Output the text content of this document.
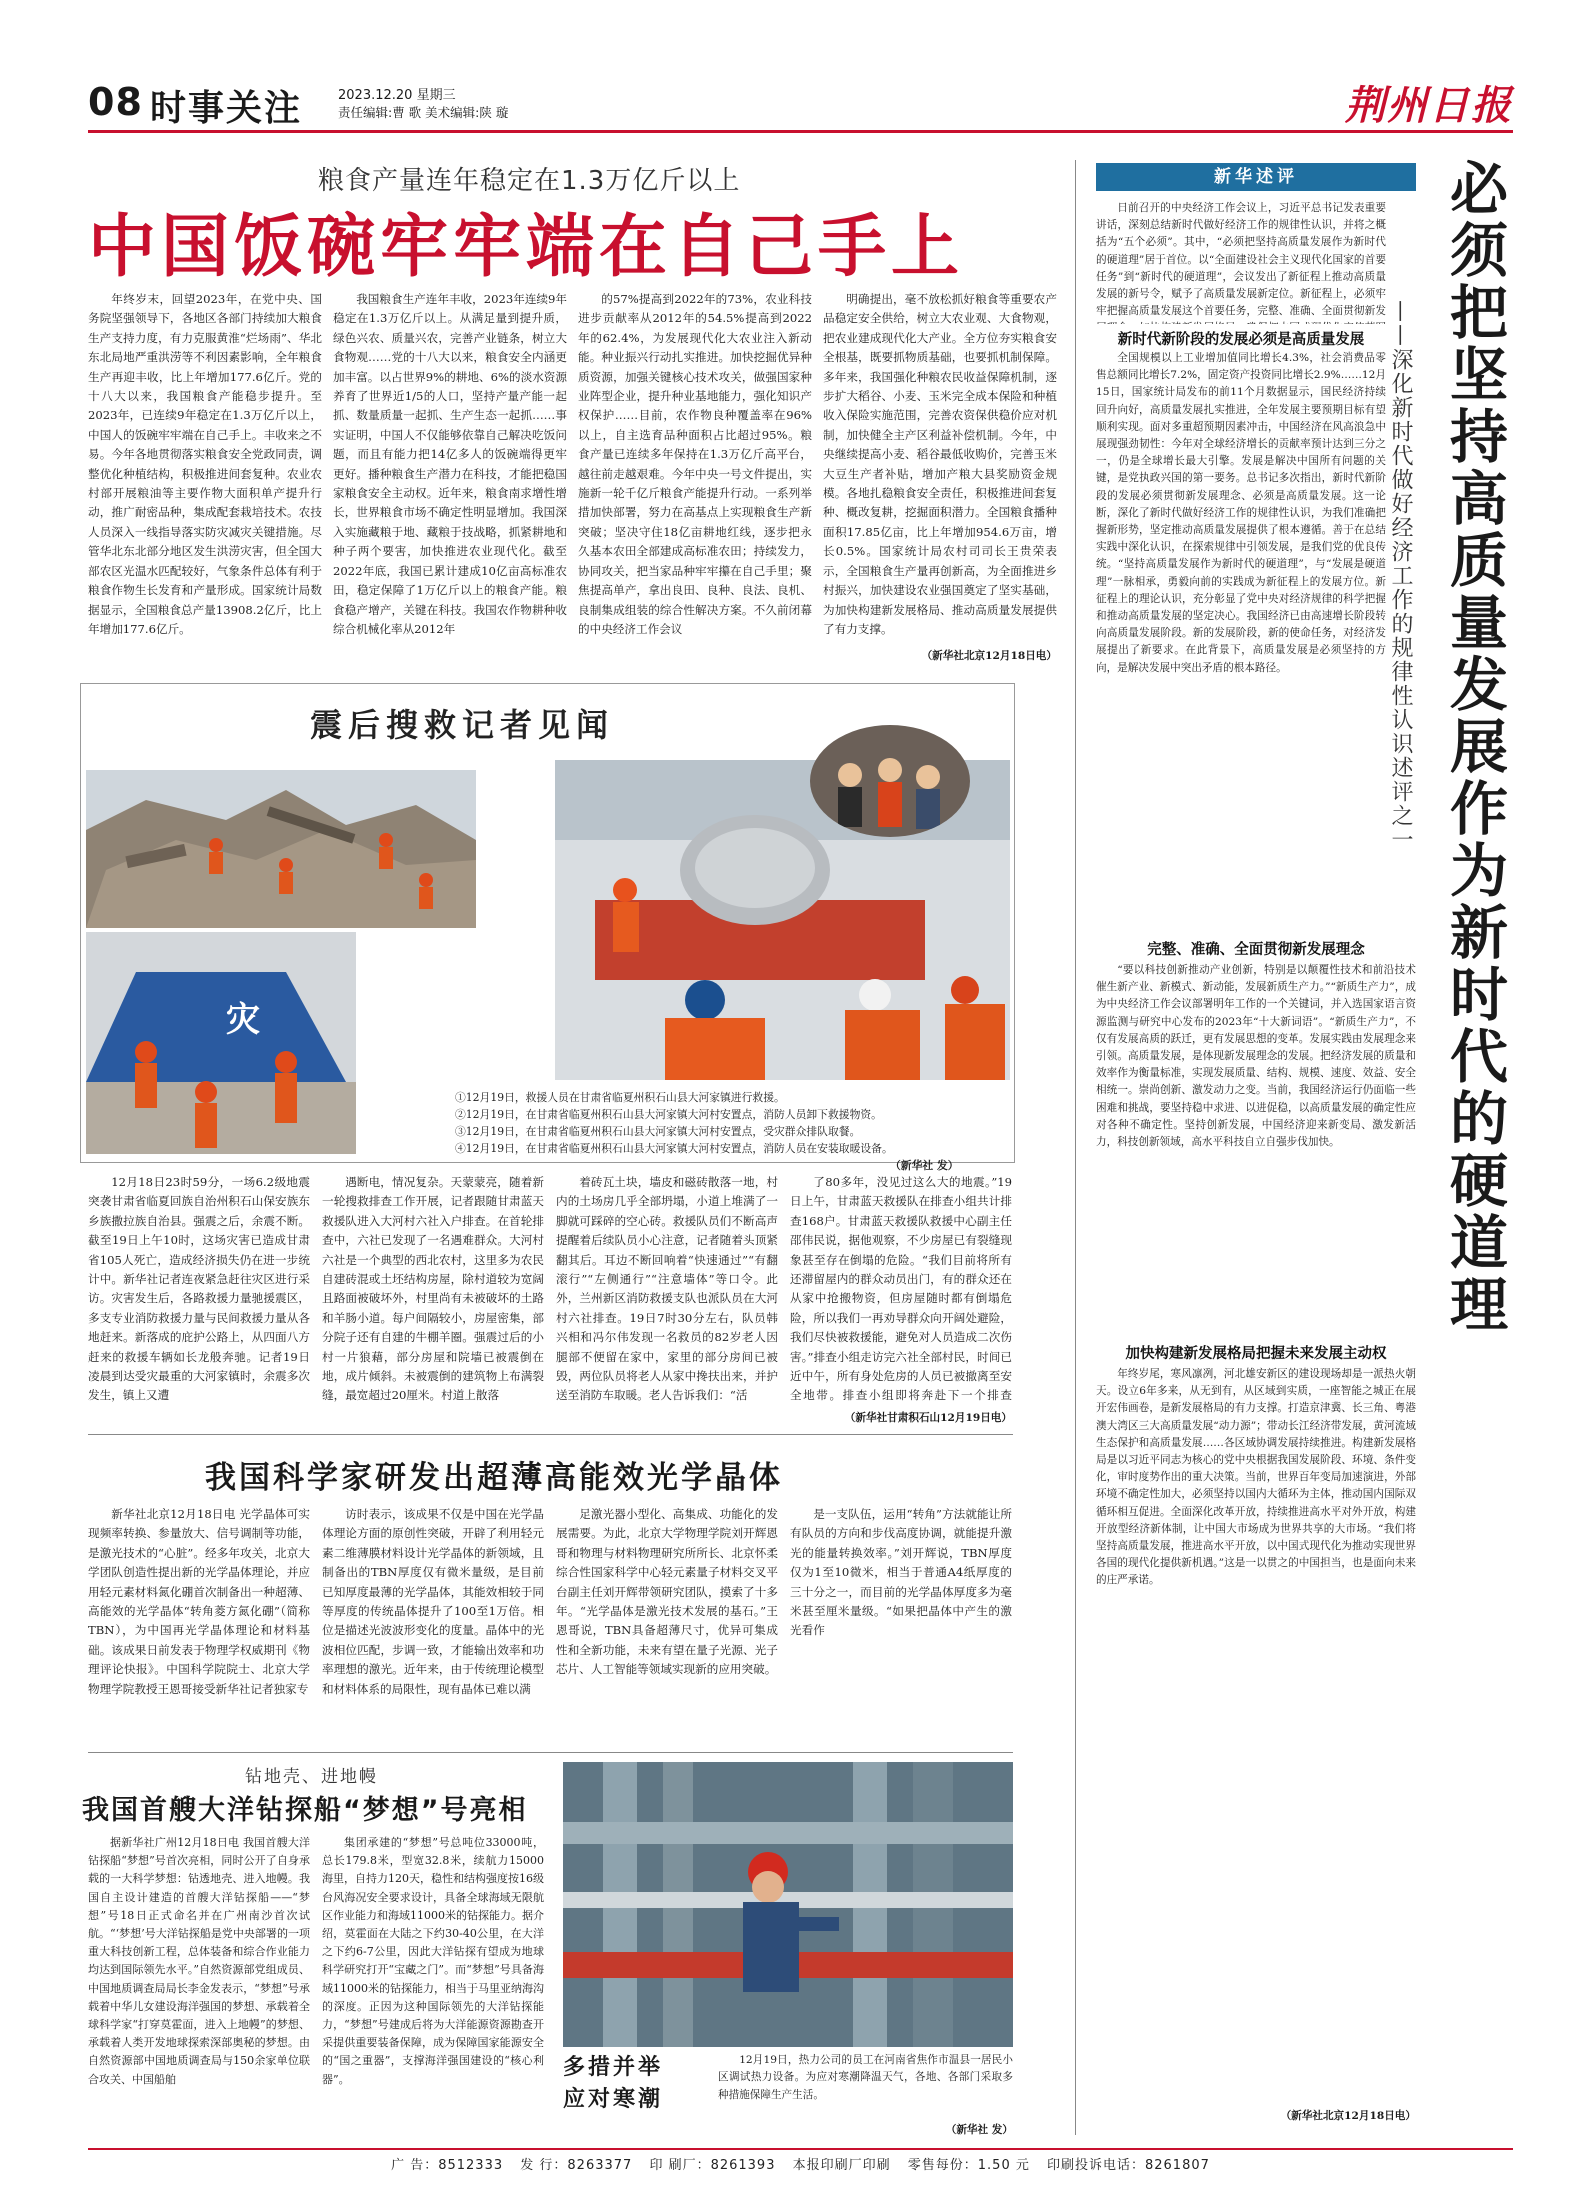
08 时事关注	2023.12.20 星期三
责任编辑:曹 歌 美术编辑:陕 璇	荆州日报
粮食产量连年稳定在1.3万亿斤以上
中国饭碗牢牢端在自己手上
年终岁末，回望2023年，在党中央、国务院坚强领导下，各地区各部门持续加大粮食生产支持力度，有力克服黄淮“烂场雨”、华北东北局地严重洪涝等不利因素影响，全年粮食生产再迎丰收，比上年增加177.6亿斤。党的十八大以来，我国粮食产能稳步提升。至2023年，已连续9年稳定在1.3万亿斤以上，中国人的饭碗牢牢端在自己手上。丰收来之不易。今年各地贯彻落实粮食安全党政同责，调整优化种植结构，积极推进间套复种。农业农村部开展粮油等主要作物大面积单产提升行动，推广耐密品种，集成配套栽培技术。农技人员深入一线指导落实防灾减灾关键措施。尽管华北东北部分地区发生洪涝灾害，但全国大部农区光温水匹配较好，气象条件总体有利于粮食作物生长发育和产量形成。国家统计局数据显示，全国粮食总产量13908.2亿斤，比上年增加177.6亿斤。
我国粮食生产连年丰收，2023年连续9年稳定在1.3万亿斤以上。从满足量到提升质，绿色兴农、质量兴农，完善产业链条，树立大食物观……党的十八大以来，粮食安全内涵更加丰富。以占世界9%的耕地、6%的淡水资源养育了世界近1/5的人口，坚持产量产能一起抓、数量质量一起抓、生产生态一起抓……事实证明，中国人不仅能够依靠自己解决吃饭问题，而且有能力把14亿多人的饭碗端得更牢更好。播种粮食生产潜力在科技，才能把稳国家粮食安全主动权。近年来，粮食南求增性增长，世界粮食市场不确定性明显增加。我国深入实施藏粮于地、藏粮于技战略，抓紧耕地和种子两个要害，加快推进农业现代化。截至2022年底，我国已累计建成10亿亩高标准农田，稳定保障了1万亿斤以上的粮食产能。粮食稳产增产，关键在科技。我国农作物耕种收综合机械化率从2012年
的57%提高到2022年的73%，农业科技进步贡献率从2012年的54.5%提高到2022年的62.4%，为发展现代化大农业注入新动能。种业振兴行动扎实推进。加快挖掘优异种质资源，加强关键核心技术攻关，做强国家种业阵型企业，提升种业基地能力，强化知识产权保护……目前，农作物良种覆盖率在96%以上，自主选育品种面积占比超过95%。粮食产量已连续多年保持在1.3万亿斤高平台，越往前走越艰难。今年中央一号文件提出，实施新一轮千亿斤粮食产能提升行动。一系列举措加快部署，努力在高基点上实现粮食生产新突破；坚决守住18亿亩耕地红线，逐步把永久基本农田全部建成高标准农田；持续发力，协同攻关，把当家品种牢牢攥在自己手里；聚焦提高单产，拿出良田、良种、良法、良机、良制集成组装的综合性解决方案。不久前闭幕的中央经济工作会议
明确提出，毫不放松抓好粮食等重要农产品稳定安全供给，树立大农业观、大食物观，把农业建成现代化大产业。全方位夯实粮食安全根基，既要抓物质基础，也要抓机制保障。多年来，我国强化种粮农民收益保障机制，逐步扩大稻谷、小麦、玉米完全成本保险和种植收入保险实施范围，完善农资保供稳价应对机制，加快健全主产区利益补偿机制。今年，中央继续提高小麦、稻谷最低收购价，完善玉米大豆生产者补贴，增加产粮大县奖励资金规模。各地扎稳粮食安全责任，积极推进间套复种、概改复耕，挖掘面积潜力。全国粮食播种面积17.85亿亩，比上年增加954.6万亩，增长0.5%。国家统计局农村司司长王贵荣表示，全国粮食生产量再创新高，为全面推进乡村振兴，加快建设农业强国奠定了坚实基础，为加快构建新发展格局、推动高质量发展提供了有力支撑。
（新华社北京12月18日电）
新华述评	必须把坚持高质量发展作为新时代的硬道理
——深化新时代做好经济工作的规律性认识述评之一
日前召开的中央经济工作会议上，习近平总书记发表重要讲话，深刻总结新时代做好经济工作的规律性认识，并将之概括为“五个必须”。其中，“必须把坚持高质量发展作为新时代的硬道理”居于首位。以“全面建设社会主义现代化国家的首要任务”到“新时代的硬道理”，会议发出了新征程上推动高质量发展的新号令，赋予了高质量发展新定位。新征程上，必须牢牢把握高质量发展这个首要任务，完整、准确、全面贯彻新发
新时代新阶段的发展必须是高质量发展
全国规模以上工业增加值同比增长4.3%，社会消费品零售总额同比增长7.2%，固定资产投资同比增长2.9%……12月15日，国家统计局发布的前11个月数据显示，国民经济持续回升向好，高质量发展扎实推进，全年发展主要预期目标有望顺利实现。面对多重超预期因素冲击，中国经济在风高浪急中展现强劲韧性：今年对全球经济增长的贡献率预计达到三分之一，仍是全球增长最大引擎。发展是解决中国所有问题的关键，是党执政兴国的第一要务。总书记多次指出，新时代新阶段的发展必须贯彻新发展理念、必须是高质量发展。这一论断，深化了新时代做好经济工作的规律性认识，为我们准确把握新形势，坚定推动高质量发展提供了根本遵循。善于在总结实践中深化认识，在探索规律中引领发展，是我们党的优良传统。“坚持高质量发展作为新时代的硬道理”，与“发展是硬道理”一脉相承，勇毅向前的实践成为新征程上的发展方位。新征程上的理论认识，充分彰显了党中央对经济规律的科学把握和推动高质量发展的坚定决心。我国经济已由高速增长阶段转向高质量发展阶段。新的发展阶段，新的使命任务，对经济发展提出了新要求。在此背景下，高质量发展是必须坚持的方向，是解决发展中突出矛盾的根本路径。
完整、准确、全面贯彻新发展理念
“要以科技创新推动产业创新，特别是以颠覆性技术和前沿技术催生新产业、新模式、新动能，发展新质生产力。”“新质生产力”，成为中央经济工作会议部署明年工作的一个关键词，并入选国家语言资源监测与研究中心发布的2023年“十大新词语”。“新质生产力”，不仅有发展高质的跃迁，更有发展思想的变革。发展实践由发展理念来引领。高质量发展，是体现新发展理念的发展。把经济发展的质量和效率作为衡量标准，实现发展质量、结构、规模、速度、效益、安全相统一。崇尚创新、激发动力之变。当前，我国经济运行仍面临一些困难和挑战，要坚持稳中求进、以进促稳，以高质量发展的确定性应对各种不确定性。坚持创新发展，中国经济迎来新变局、激发新活力，科技创新领域，高水平科技自立自强步伐加快。
加快构建新发展格局把握未来发展主动权
年终岁尾，寒风凛冽，河北雄安新区的建设现场却是一派热火朝天。设立6年多来，从无到有，从区域到实质，一座智能之城正在展开宏伟画卷，是新发展格局的有力支撑。打造京津冀、长三角、粤港澳大湾区三大高质量发展“动力源”；带动长江经济带发展，黄河流域生态保护和高质量发展……各区域协调发展持续推进。构建新发展格局是以习近平同志为核心的党中央根据我国发展阶段、环境、条件变化，审时度势作出的重大决策。当前，世界百年变局加速演进，外部环境不确定性加大，必须坚持以国内大循环为主体，推动国内国际双循环相互促进。全面深化改革开放，持续推进高水平对外开放，构建开放型经济新体制，让中国大市场成为世界共享的大市场。“我们将坚持高质量发展，推进高水平开放，以中国式现代化为推动实现世界各国的现代化提供新机遇。”这是一以贯之的中国担当，也是面向未来的庄严承诺。
（新华社北京12月18日电）
震后搜救记者见闻
灾
①12月19日，救援人员在甘肃省临夏州积石山县大河家镇进行救援。
②12月19日，在甘肃省临夏州积石山县大河家镇大河村安置点，消防人员卸下救援物资。
③12月19日，在甘肃省临夏州积石山县大河家镇大河村安置点，受灾群众排队取餐。
④12月19日，在甘肃省临夏州积石山县大河家镇大河村安置点，消防人员在安装取暖设备。
（新华社 发）
12月18日23时59分，一场6.2级地震突袭甘肃省临夏回族自治州积石山保安族东乡族撒拉族自治县。强震之后，余震不断。截至19日上午10时，这场灾害已造成甘肃省105人死亡，造成经济损失仍在进一步统计中。新华社记者连夜紧急赶往灾区进行采访。灾害发生后，各路救援力量驰援震区，多支专业消防救援力量与民间救援力量从各地赶来。新落成的庇护公路上，从四面八方赶来的救援车辆如长龙般奔驰。记者19日凌晨到达受灾最重的大河家镇时，余震多次发生，镇上又遭
遇断电，情况复杂。天蒙蒙亮，随着新一轮搜救排查工作开展，记者跟随甘肃蓝天救援队进入大河村六社入户排查。在首轮排查中，六社已发现了一名遇难群众。大河村六社是一个典型的西北农村，这里多为农民自建砖混或土坯结构房屋，除村道较为宽阔且路面被破坏外，村里尚有未被破坏的土路和羊肠小道。每户间隔较小，房屋密集，部分院子还有自建的牛棚羊圈。强震过后的小村一片狼藉，部分房屋和院墙已被震倒在地，成片倾斜。未被震倒的建筑物上布满裂缝，最宽超过20厘米。村道上散落
着砖瓦土块，墙皮和磁砖散落一地，村内的土场房几乎全部坍塌，小道上堆满了一脚就可踩碎的空心砖。救援队员们不断高声提醒着后续队员小心注意，记者随着头顶紧翻其后。耳边不断回响着“快速通过”“有翻滚行”“左侧通行”“注意墙体”等口令。此外，兰州新区消防救援支队也派队员在大河村六社排查。19日7时30分左右，队员韩兴相和冯尔伟发现一名救员的82岁老人因腿部不便留在家中，家里的部分房间已被毁，两位队员将老人从家中搀扶出来，并护送至消防车取暖。老人告诉我们：“活
了80多年，没见过这么大的地震。”19日上午，甘肃蓝天救援队在排查小组共计排查168户。甘肃蓝天救援队救援中心副主任邵伟民说，据他观察，不少房屋已有裂缝现象甚至存在倒塌的危险。“我们目前将所有还滞留屋内的群众动员出门，有的群众还在从家中抢搬物资，但房屋随时都有倒塌危险，所以我们一再劝导群众向开阔处避险，我们尽快被救援能，避免对人员造成二次伤害。”排查小组走访完六社全部村民，时间已近中午，所有身处危房的人员已被撤离至安全地带。排查小组即将奔赴下一个排查
（新华社甘肃积石山12月19日电）
我国科学家研发出超薄高能效光学晶体
新华社北京12月18日电 光学晶体可实现频率转换、参量放大、信号调制等功能，是激光技术的“心脏”。经多年攻关，北京大学团队创造性提出新的光学晶体理论，并应用轻元素材料氮化硼首次制备出一种超薄、高能效的光学晶体“转角菱方氮化硼”（简称TBN），为中国再光学晶体理论和材料基础。该成果日前发表于物理学权威期刊《物理评论快报》。中国科学院院士、北京大学物理学院教授王恩哥接受新华社记者独家专
访时表示，该成果不仅是中国在光学晶体理论方面的原创性突破，开辟了利用轻元素二维薄膜材料设计光学晶体的新领域，且制备出的TBN厚度仅有微米量级，是目前已知厚度最薄的光学晶体，其能效相较于同等厚度的传统晶体提升了100至1万倍。相位是描述光波波形变化的度量。晶体中的光波相位匹配，步调一致，才能输出效率和功率理想的激光。近年来，由于传统理论模型和材料体系的局限性，现有晶体已难以满
足激光器小型化、高集成、功能化的发展需要。为此，北京大学物理学院刘开辉恩哥和物理与材料物理研究所所长、北京怀柔综合性国家科学中心轻元素量子材料交叉平台副主任刘开辉带领研究团队，摸索了十多年。“光学晶体是激光技术发展的基石。”王恩哥说，TBN具备超薄尺寸，优异可集成性和全新功能，未来有望在量子光源、光子芯片、人工智能等领域实现新的应用突破。
是一支队伍，运用“转角”方法就能让所有队员的方向和步伐高度协调，就能提升激光的能量转换效率。”刘开辉说，TBN厚度仅为1至10微米，相当于普通A4纸厚度的三十分之一，而目前的光学晶体厚度多为毫米甚至厘米量级。“如果把晶体中产生的激光看作
钻地壳、进地幔
我国首艘大洋钻探船“梦想”号亮相
据新华社广州12月18日电 我国首艘大洋钻探船“梦想”号首次亮相，同时公开了自身承载的一大科学梦想：钻透地壳、进入地幔。我国自主设计建造的首艘大洋钻探船——“梦想”号18日正式命名并在广州南沙首次试航。“‘梦想’号大洋钻探船是党中央部署的一项重大科技创新工程，总体装备和综合作业能力均达到国际领先水平。”自然资源部党组成员、中国地质调查局局长李金发表示，“梦想”号承载着中华儿女建设海洋强国的梦想、承载着全球科学家“打穿莫霍面，进入上地幔”的梦想、承载着人类开发地球探索深部奥秘的梦想。由自然资源部中国地质调查局与150余家单位联合攻关、中国船舶
集团承建的“梦想”号总吨位33000吨，总长179.8米，型宽32.8米，续航力15000海里，自持力120天，稳性和结构强度按16级台风海况安全要求设计，具备全球海域无限航区作业能力和海域11000米的钻探能力。据介绍，莫霍面在大陆之下约30-40公里，在大洋之下约6-7公里，因此大洋钻探有望成为地球科学研究打开“宝藏之门”。而“梦想”号具备海域11000米的钻探能力，相当于马里亚纳海沟的深度。正因为这种国际领先的大洋钻探能力，“梦想”号建成后将为大洋能源资源勘查开采提供重要装备保障，成为保障国家能源安全的“国之重器”，支撑海洋强国建设的“核心利器”。	多措并举
应对寒潮
12月19日，热力公司的员工在河南省焦作市温县一居民小区调试热力设备。为应对寒潮降温天气，各地、各部门采取多种措施保障生产生活。
（新华社 发）
广 告：8512333 发 行：8263377 印 刷厂：8261393 本报印刷厂印刷 零售每份：1.50 元 印刷投诉电话：8261807
